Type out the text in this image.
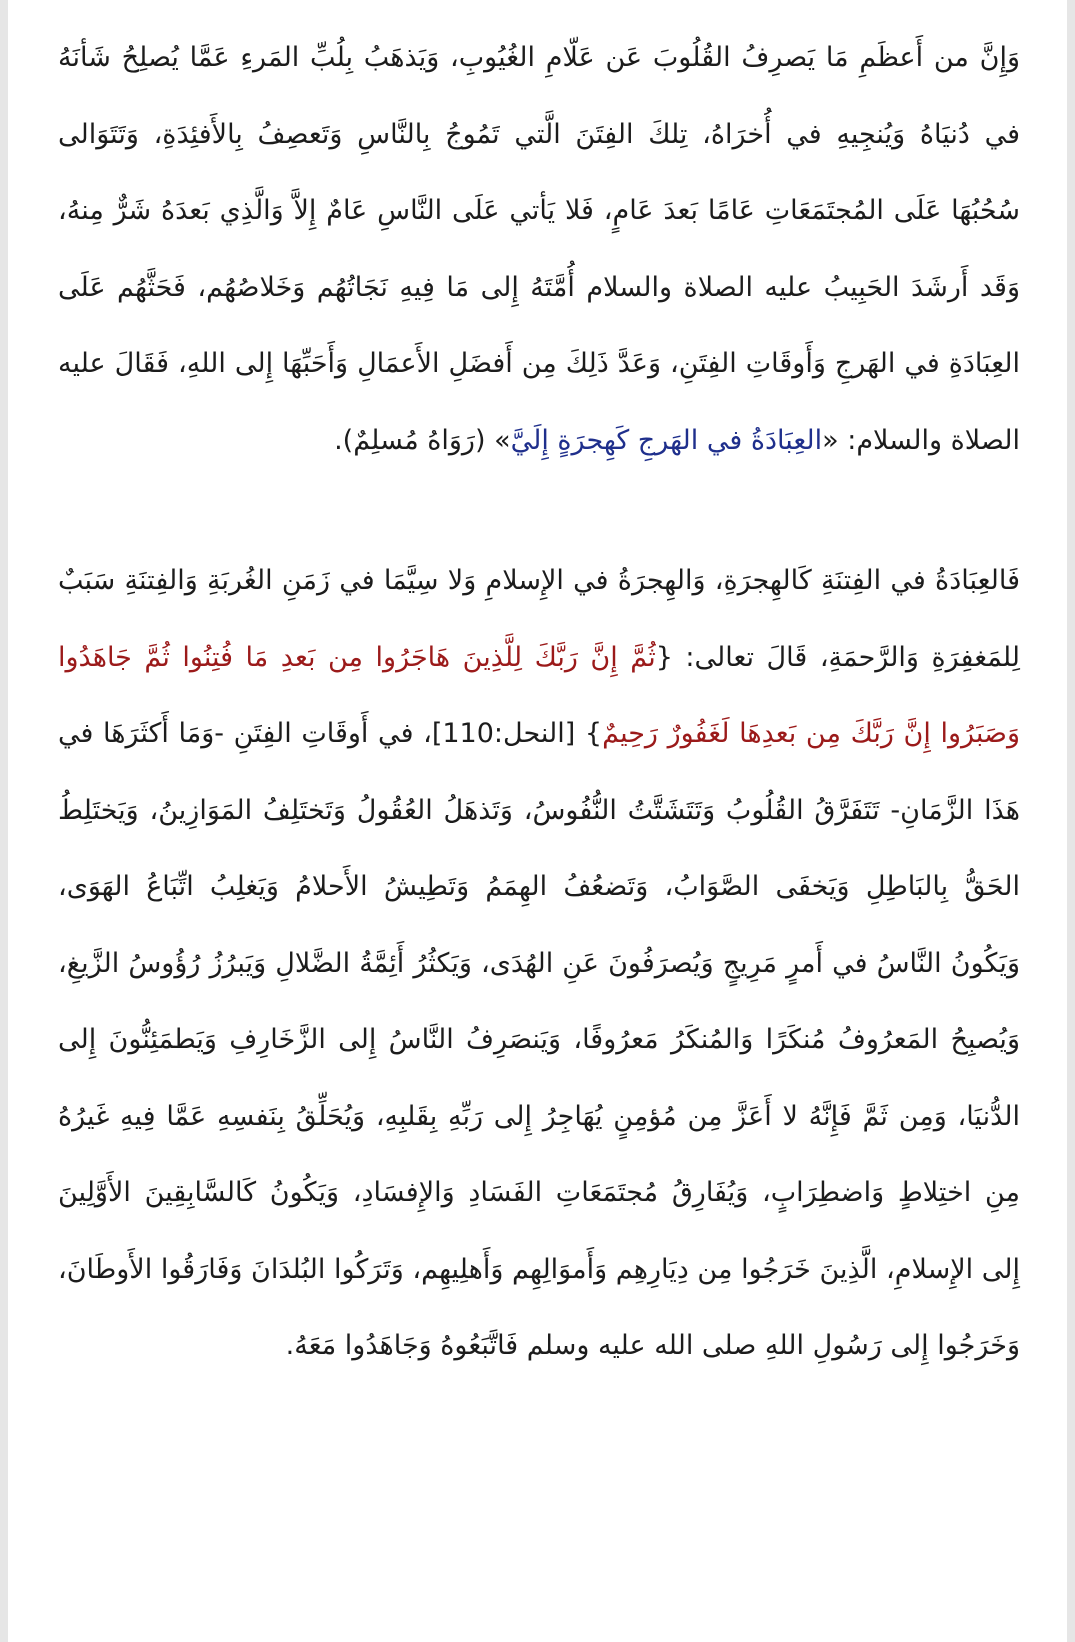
وَإِنَّ من أَعظَمِ مَا يَصرِفُ القُلُوبَ عَن عَلّامِ الغُيُوبِ، وَيَذهَبُ بِلُبِّ المَرءِ عَمَّا يُصلِحُ شَأنَهُ في دُنيَاهُ وَيُنجِيهِ في أُخرَاهُ، تِلكَ الفِتَنَ الَّتي تَمُوجُ بِالنَّاسِ وَتَعصِفُ بِالأَفئِدَةِ، وَتَتَوَالى سُحُبُهَا عَلَى المُجتَمَعَاتِ عَامًا بَعدَ عَامٍ، فَلا يَأتي عَلَى النَّاسِ عَامٌ إِلاَّ وَالَّذِي بَعدَهُ شَرٌّ مِنهُ، وَقَد أَرشَدَ الحَبِيبُ عليه الصلاة والسلام أُمَّتَهُ إِلى مَا فِيهِ نَجَاتُهُم وَخَلاصُهُم، فَحَثَّهُم عَلَى العِبَادَةِ في الهَرجِ وَأَوقَاتِ الفِتَنِ، وَعَدَّ ذَلِكَ مِن أَفضَلِ الأَعمَالِ وَأَحَبِّهَا إِلى اللهِ، فَقَالَ عليه الصلاة والسلام: «العِبَادَةُ في الهَرجِ كَهِجرَةٍ إِلَيَّ» (رَوَاهُ مُسلِمٌ).

فَالعِبَادَةُ في الفِتنَةِ كَالهِجرَةِ، وَالهِجرَةُ في الإِسلامِ وَلا سِيَّمَا في زَمَنِ الغُربَةِ وَالفِتنَةِ سَبَبٌ لِلمَغفِرَةِ وَالرَّحمَةِ، قَالَ تعالى: {ثُمَّ إِنَّ رَبَّكَ لِلَّذِينَ هَاجَرُوا مِن بَعدِ مَا فُتِنُوا ثُمَّ جَاهَدُوا وَصَبَرُوا إِنَّ رَبَّكَ مِن بَعدِهَا لَغَفُورٌ رَحِيمٌ} [النحل:110]، في أَوقَاتِ الفِتَنِ -وَمَا أَكثَرَهَا في هَذَا الزَّمَانِ- تَتَفَرَّقُ القُلُوبُ وَتَتَشَتَّتُ النُّفُوسُ، وَتَذهَلُ العُقُولُ وَتَختَلِفُ المَوَازِينُ، وَيَختَلِطُ الحَقُّ بِالبَاطِلِ وَيَخفَى الصَّوَابُ، وَتَضعُفُ الهِمَمُ وَتَطِيشُ الأَحلامُ وَيَغلِبُ اتِّبَاعُ الهَوَى، وَيَكُونُ النَّاسُ في أَمرٍ مَرِيجٍ وَيُصرَفُونَ عَنِ الهُدَى، وَيَكثُرُ أَئِمَّةُ الضَّلالِ وَيَبرُزُ رُؤُوسُ الزَّيغِ، وَيُصبِحُ المَعرُوفُ مُنكَرًا وَالمُنكَرُ مَعرُوفًا، وَيَنصَرِفُ النَّاسُ إِلى الزَّخَارِفِ وَيَطمَئِنُّونَ إِلى الدُّنيَا، وَمِن ثَمَّ فَإِنَّهُ لا أَعَزَّ مِن مُؤمِنٍ يُهَاجِرُ إِلى رَبِّهِ بِقَلبِهِ، وَيُحَلِّقُ بِنَفسِهِ عَمَّا فِيهِ غَيرُهُ مِنِ اختِلاطٍ وَاضطِرَابٍ، وَيُفَارِقُ مُجتَمَعَاتِ الفَسَادِ وَالإِفسَادِ، وَيَكُونُ كَالسَّابِقِينَ الأَوَّلِينَ إِلى الإِسلامِ، الَّذِينَ خَرَجُوا مِن دِيَارِهِم وَأَموَالِهِم وَأَهلِيهِم، وَتَرَكُوا البُلدَانَ وَفَارَقُوا الأَوطَانَ، وَخَرَجُوا إِلى رَسُولِ اللهِ صلى الله عليه وسلم فَاتَّبَعُوهُ وَجَاهَدُوا مَعَهُ.
